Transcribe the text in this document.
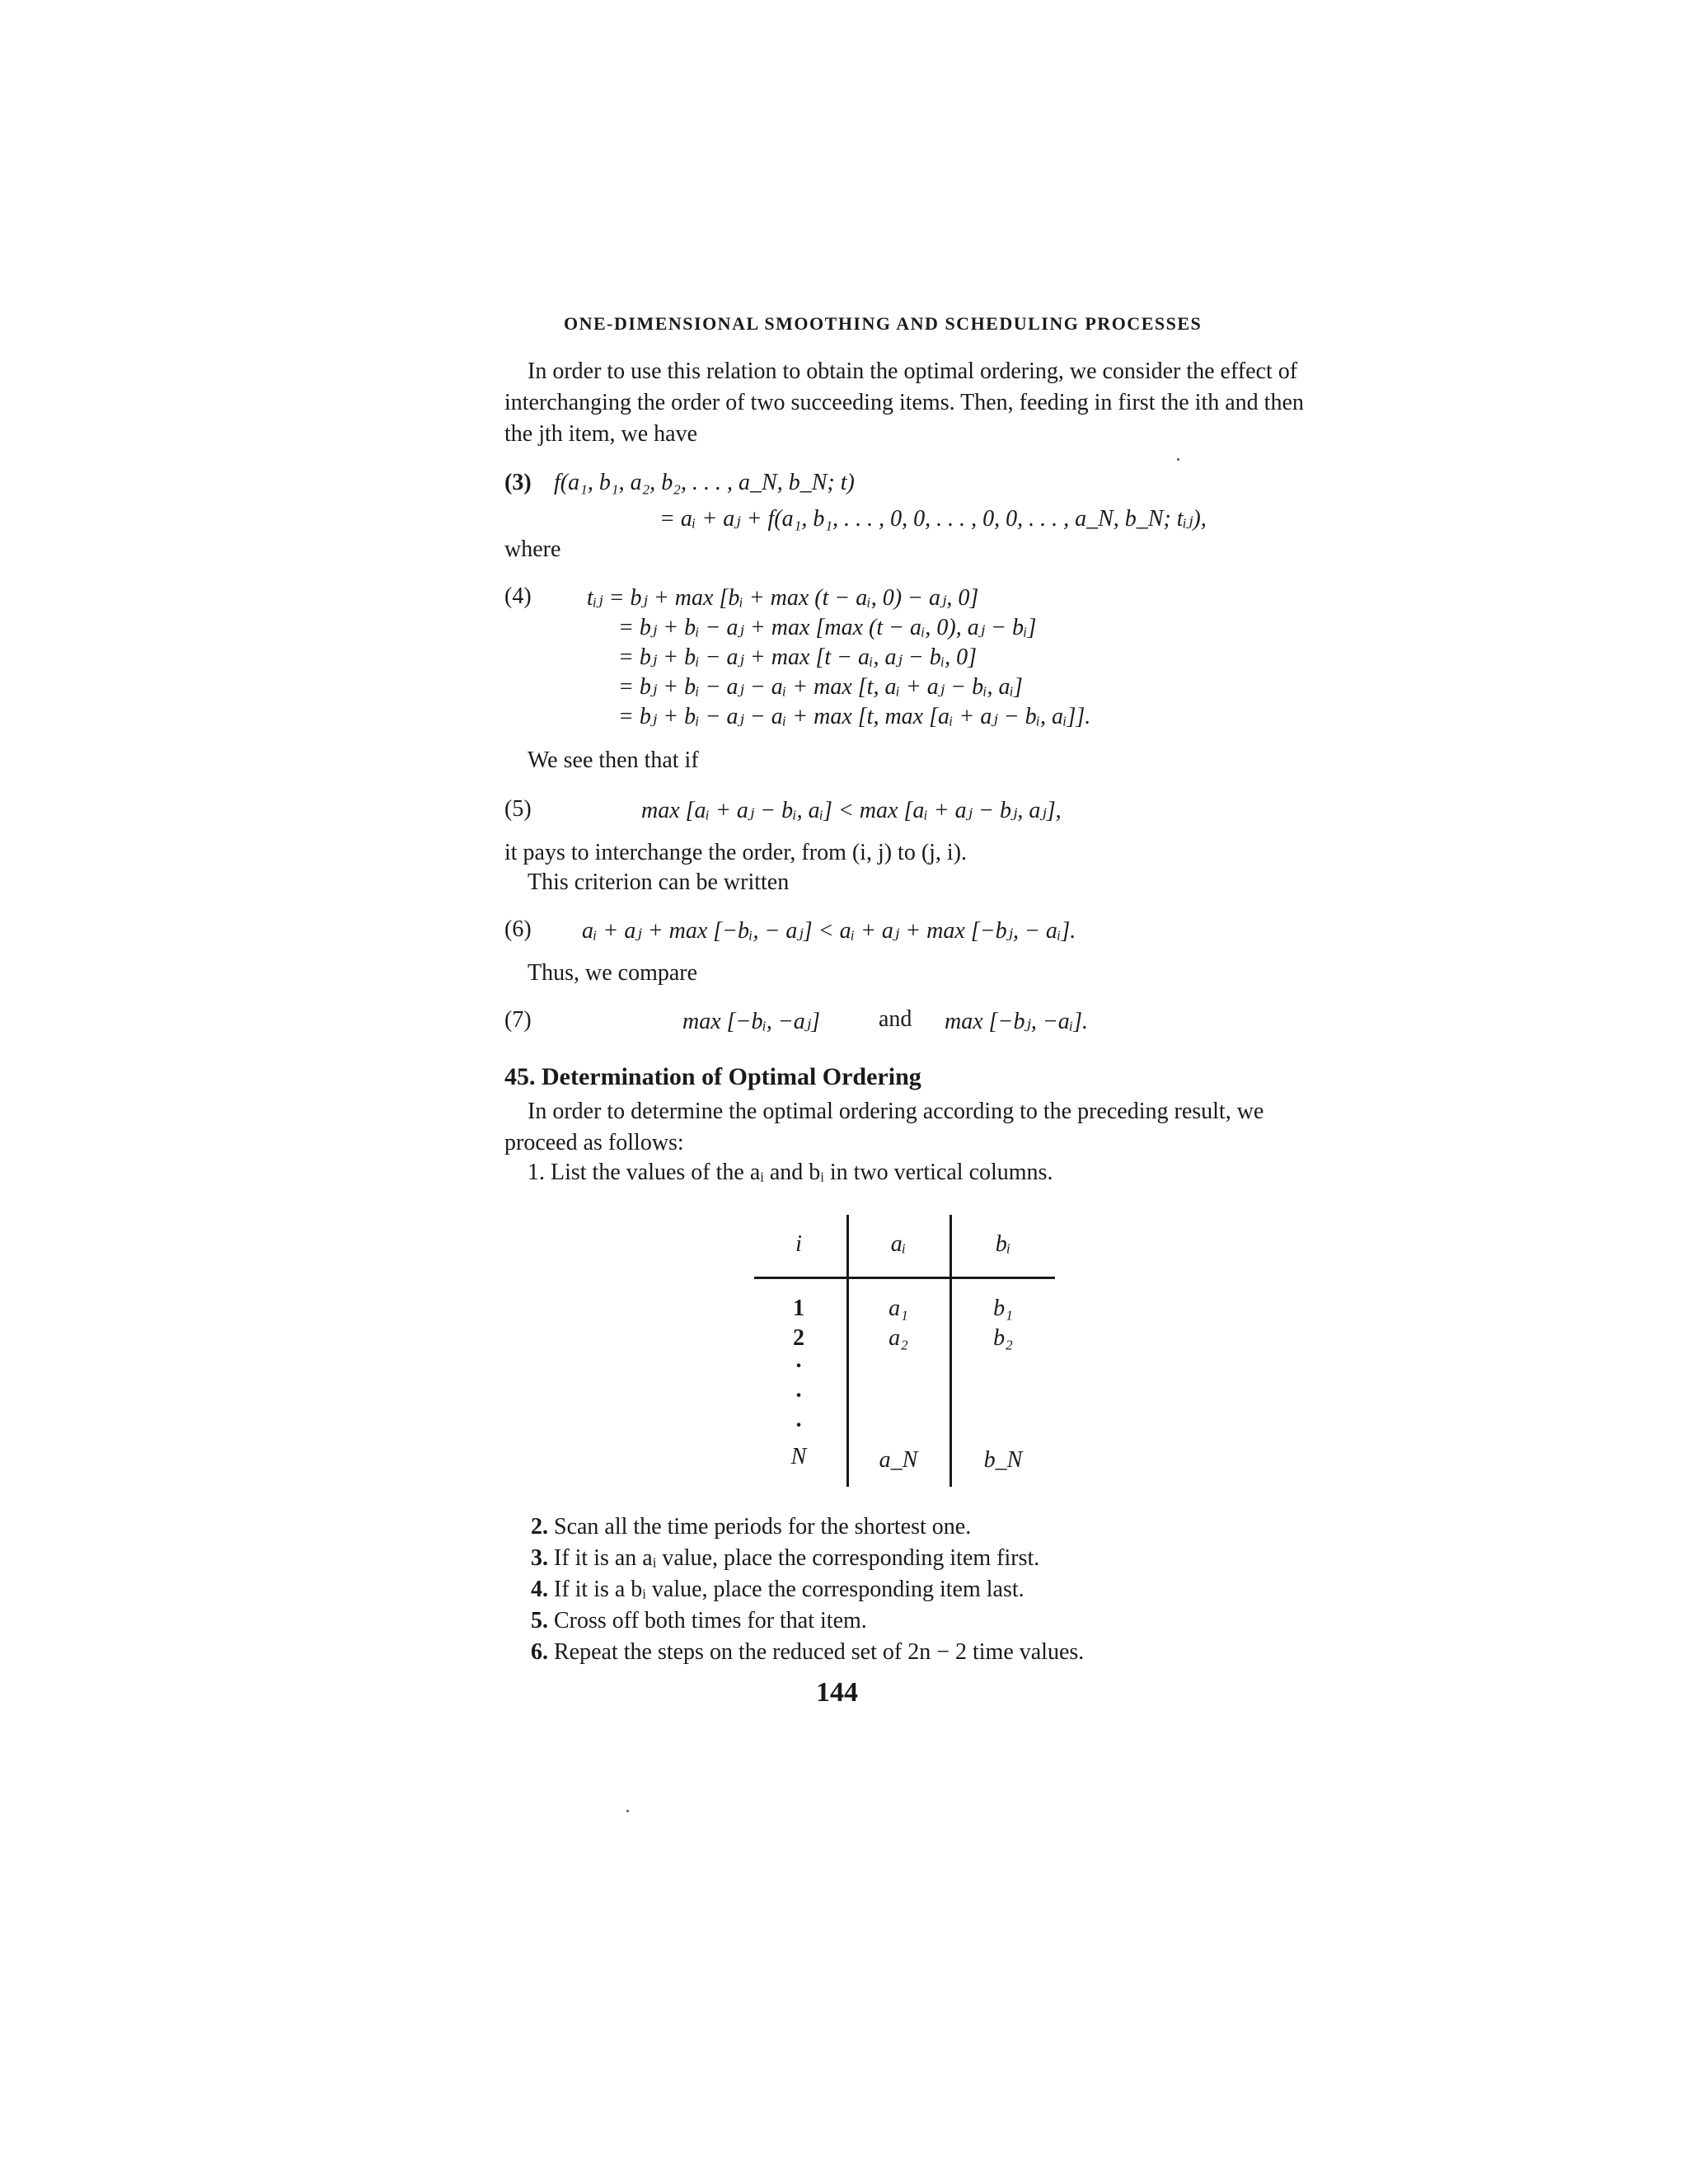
ONE-DIMENSIONAL SMOOTHING AND SCHEDULING PROCESSES
In order to use this relation to obtain the optimal ordering, we consider the effect of interchanging the order of two succeeding items. Then, feeding in first the ith and then the jth item, we have
(3) f(a₁, b₁, a₂, b₂, . . . , a_N, b_N; t)
= aᵢ + aⱼ + f(a₁, b₁, . . . , 0, 0, . . . , 0, 0, . . . , a_N, b_N; tᵢⱼ),
where
(4) tᵢⱼ = bⱼ + max [bᵢ + max (t − aᵢ, 0) − aⱼ, 0]
= bⱼ + bᵢ − aⱼ + max [max (t − aᵢ, 0), aⱼ − bᵢ]
= bⱼ + bᵢ − aⱼ + max [t − aᵢ, aⱼ − bᵢ, 0]
= bⱼ + bᵢ − aⱼ − aᵢ + max [t, aᵢ + aⱼ − bᵢ, aᵢ]
= bⱼ + bᵢ − aⱼ − aᵢ + max [t, max [aᵢ + aⱼ − bᵢ, aᵢ]].
We see then that if
(5)	max [aᵢ + aⱼ − bᵢ, aᵢ] < max [aᵢ + aⱼ − bⱼ, aⱼ],
it pays to interchange the order, from (i, j) to (j, i).
This criterion can be written
(6) aᵢ + aⱼ + max [−bᵢ, − aⱼ] < aᵢ + aⱼ + max [−bⱼ, − aᵢ].
Thus, we compare
(7)	max [−bᵢ, −aⱼ]	and max [−bⱼ, −aᵢ].
45. Determination of Optimal Ordering
In order to determine the optimal ordering according to the preceding result, we proceed as follows:
1. List the values of the aᵢ and bᵢ in two vertical columns.
i	aᵢ	bᵢ
1	a₁	b₁
2	a₂	b₂
·
·
·
N	a_N	b_N
2. Scan all the time periods for the shortest one.
3. If it is an aᵢ value, place the corresponding item first.
4. If it is a bᵢ value, place the corresponding item last.
5. Cross off both times for that item.
6. Repeat the steps on the reduced set of 2n − 2 time values.
144
